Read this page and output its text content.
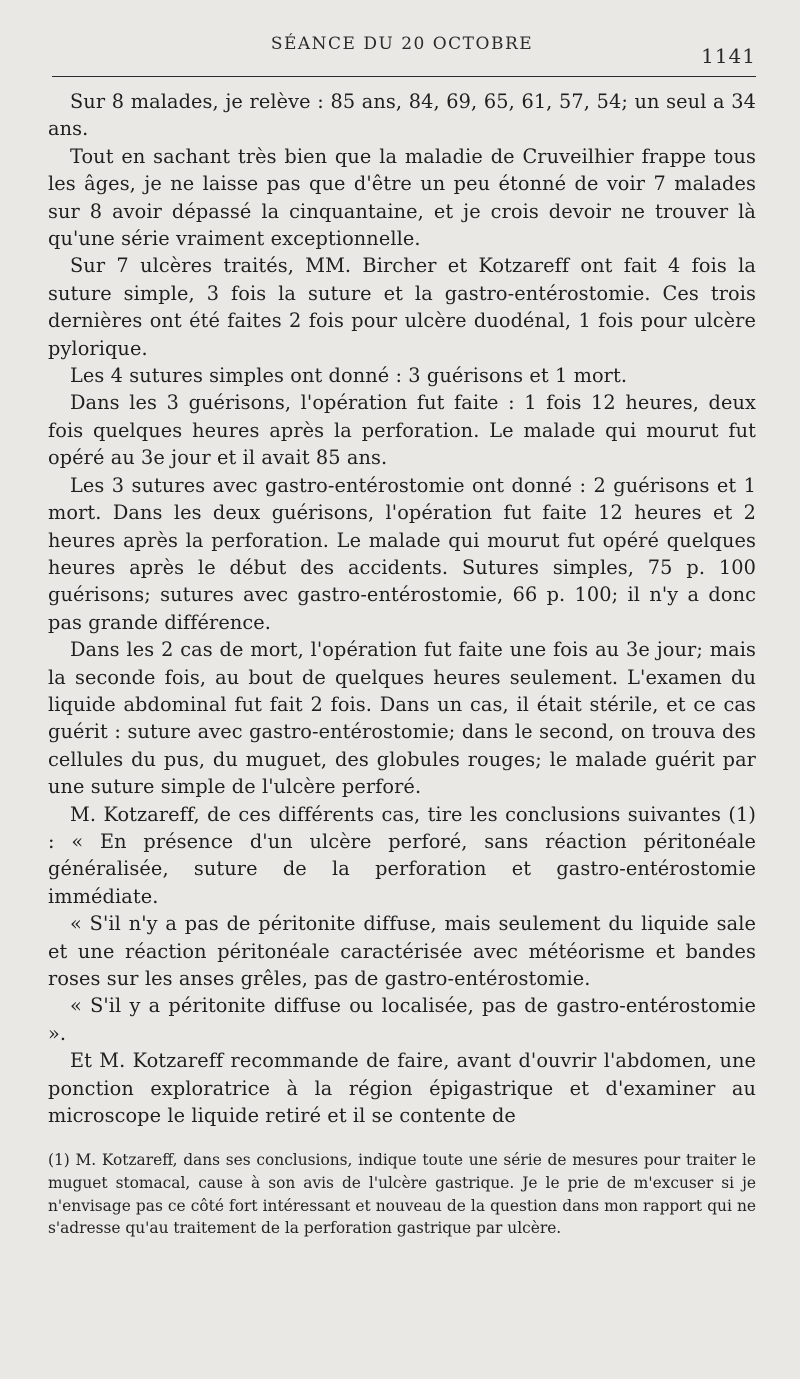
SÉANCE DU 20 OCTOBRE	1141

Sur 8 malades, je relève : 85 ans, 84, 69, 65, 61, 57, 54; un seul a 34 ans.

Tout en sachant très bien que la maladie de Cruveilhier frappe tous les âges, je ne laisse pas que d'être un peu étonné de voir 7 malades sur 8 avoir dépassé la cinquantaine, et je crois devoir ne trouver là qu'une série vraiment exceptionnelle.

Sur 7 ulcères traités, MM. Bircher et Kotzareff ont fait 4 fois la suture simple, 3 fois la suture et la gastro-entérostomie. Ces trois dernières ont été faites 2 fois pour ulcère duodénal, 1 fois pour ulcère pylorique.

Les 4 sutures simples ont donné : 3 guérisons et 1 mort.

Dans les 3 guérisons, l'opération fut faite : 1 fois 12 heures, deux fois quelques heures après la perforation. Le malade qui mourut fut opéré au 3e jour et il avait 85 ans.

Les 3 sutures avec gastro-entérostomie ont donné : 2 guérisons et 1 mort. Dans les deux guérisons, l'opération fut faite 12 heures et 2 heures après la perforation. Le malade qui mourut fut opéré quelques heures après le début des accidents. Sutures simples, 75 p. 100 guérisons; sutures avec gastro-entérostomie, 66 p. 100; il n'y a donc pas grande différence.

Dans les 2 cas de mort, l'opération fut faite une fois au 3e jour; mais la seconde fois, au bout de quelques heures seulement. L'examen du liquide abdominal fut fait 2 fois. Dans un cas, il était stérile, et ce cas guérit : suture avec gastro-entérostomie; dans le second, on trouva des cellules du pus, du muguet, des globules rouges; le malade guérit par une suture simple de l'ulcère perforé.

M. Kotzareff, de ces différents cas, tire les conclusions suivantes (1) : « En présence d'un ulcère perforé, sans réaction péritonéale généralisée, suture de la perforation et gastro-entérostomie immédiate.

« S'il n'y a pas de péritonite diffuse, mais seulement du liquide sale et une réaction péritonéale caractérisée avec météorisme et bandes roses sur les anses grêles, pas de gastro-entérostomie.

« S'il y a péritonite diffuse ou localisée, pas de gastro-entérostomie ».

Et M. Kotzareff recommande de faire, avant d'ouvrir l'abdomen, une ponction exploratrice à la région épigastrique et d'examiner au microscope le liquide retiré et il se contente de

(1) M. Kotzareff, dans ses conclusions, indique toute une série de mesures pour traiter le muguet stomacal, cause à son avis de l'ulcère gastrique. Je le prie de m'excuser si je n'envisage pas ce côté fort intéressant et nouveau de la question dans mon rapport qui ne s'adresse qu'au traitement de la perforation gastrique par ulcère.
